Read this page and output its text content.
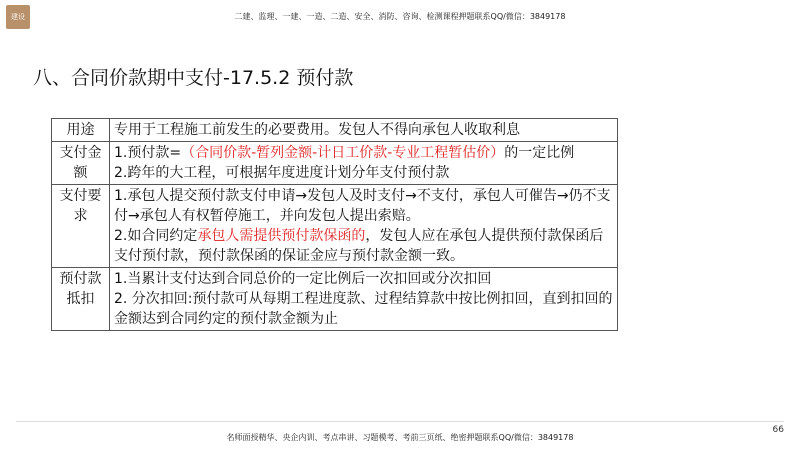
建设	二建、监理、一建、一造、二造、安全、消防、咨询、检测课程押题联系QQ/微信：3849178
八、合同价款期中支付-17.5.2 预付款
用途	专用于工程施工前发生的必要费用。发包人不得向承包人收取利息
支付金额	1.预付款=（合同价款-暂列金额-计日工价款-专业工程暂估价）的一定比例
2.跨年的大工程，可根据年度进度计划分年支付预付款

支付要求	1.承包人提交预付款支付申请→发包人及时支付→不支付，承包人可催告→仍不支付→承包人有权暂停施工，并向发包人提出索赔。
2.如合同约定承包人需提供预付款保函的，发包人应在承包人提供预付款保函后支付预付款，预付款保函的保证金应与预付款金额一致。

预付款抵扣	1.当累计支付达到合同总价的一定比例后一次扣回或分次扣回
2. 分次扣回:预付款可从每期工程进度款、过程结算款中按比例扣回，直到扣回的金额达到合同约定的预付款金额为止
66
名师面授精华、央企内训、考点串讲、习题模考、考前三页纸、绝密押题联系QQ/微信：3849178
